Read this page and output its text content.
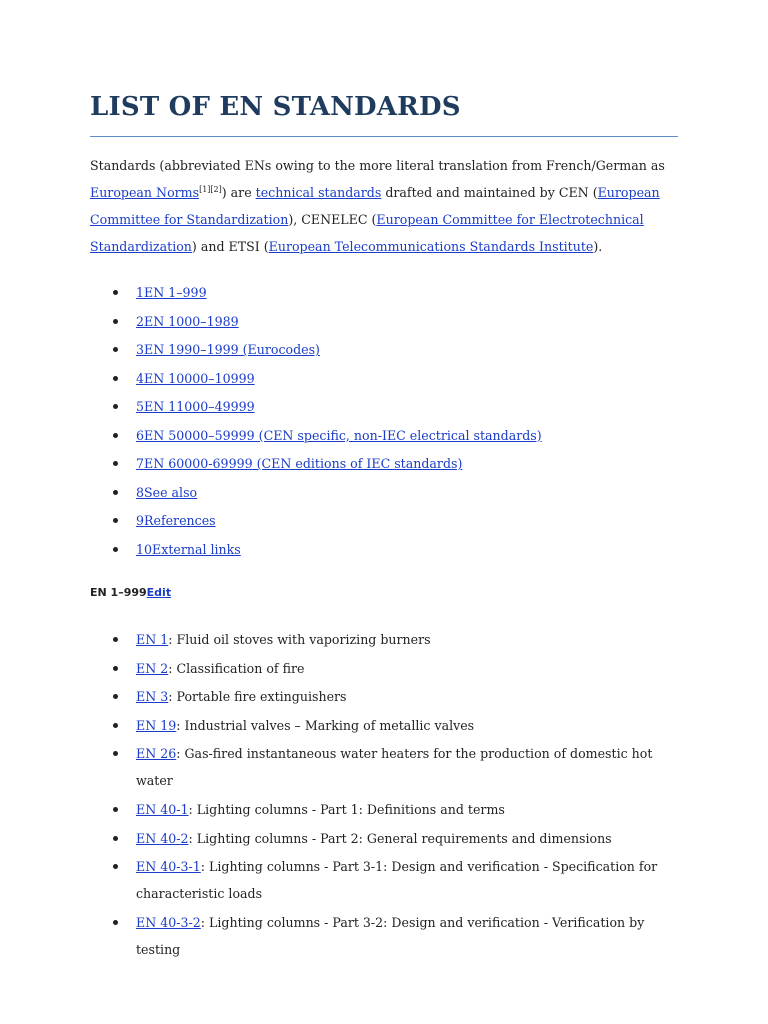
LIST OF EN STANDARDS

Standards (abbreviated ENs owing to the more literal translation from French/German as European Norms[1][2]) are technical standards drafted and maintained by CEN (European Committee for Standardization), CENELEC (European Committee for Electrotechnical Standardization) and ETSI (European Telecommunications Standards Institute).

1EN 1–999
2EN 1000–1989
3EN 1990–1999 (Eurocodes)
4EN 10000–10999
5EN 11000–49999
6EN 50000–59999 (CEN specific, non-IEC electrical standards)
7EN 60000-69999 (CEN editions of IEC standards)
8See also
9References
10External links
EN 1–999Edit
EN 1: Fluid oil stoves with vaporizing burners
EN 2: Classification of fire
EN 3: Portable fire extinguishers
EN 19: Industrial valves – Marking of metallic valves
EN 26: Gas-fired instantaneous water heaters for the production of domestic hot water
EN 40-1: Lighting columns - Part 1: Definitions and terms
EN 40-2: Lighting columns - Part 2: General requirements and dimensions
EN 40-3-1: Lighting columns - Part 3-1: Design and verification - Specification for characteristic loads
EN 40-3-2: Lighting columns - Part 3-2: Design and verification - Verification by testing
